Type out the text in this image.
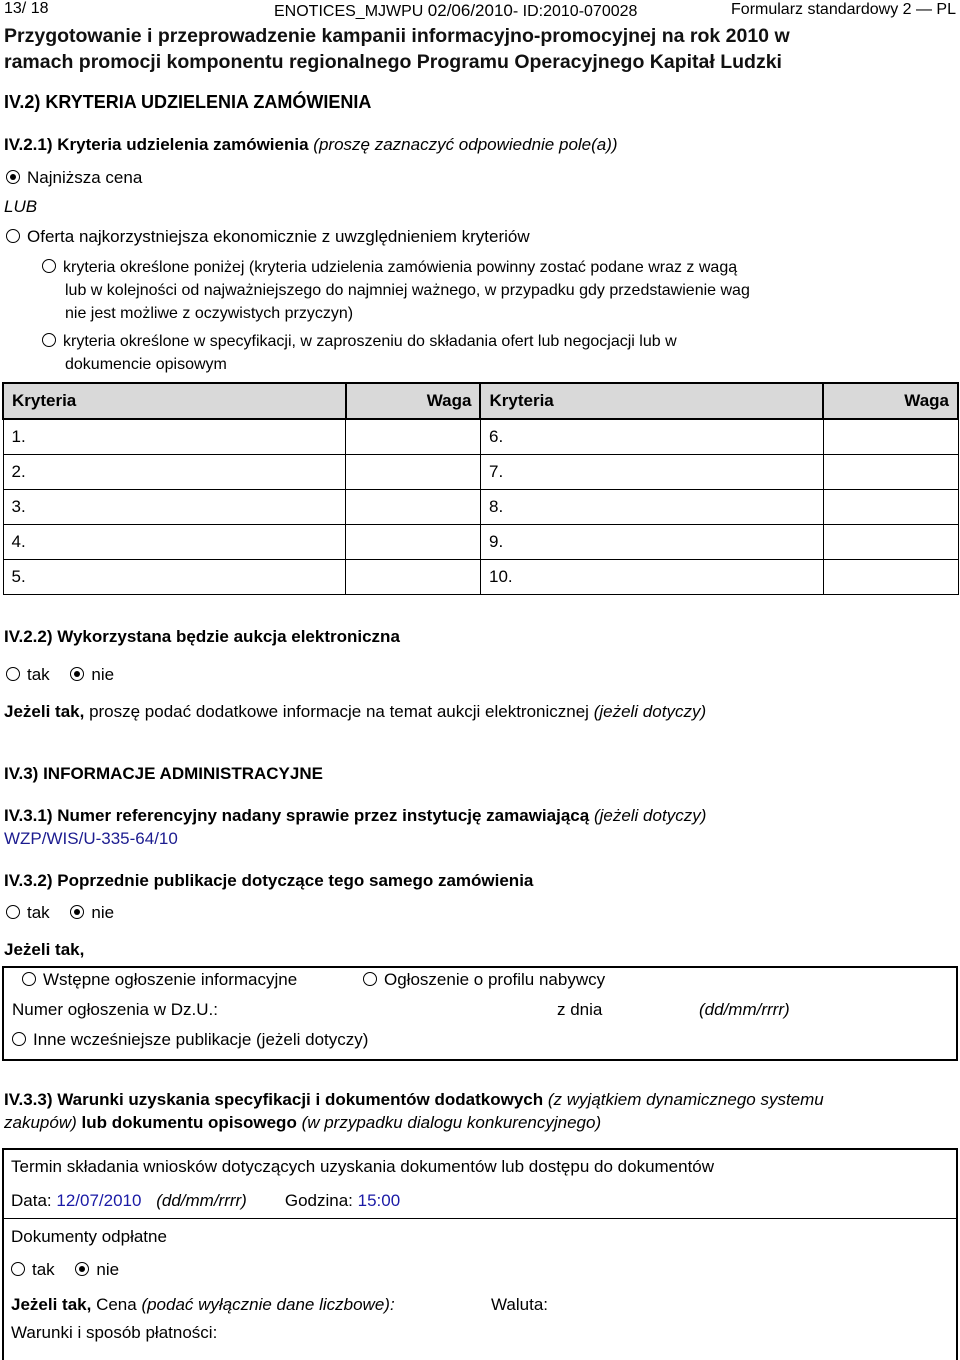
13/ 18	ENOTICES_MJWPU 02/06/2010- ID:2010-070028	Formularz standardowy 2 — PL
Przygotowanie i przeprowadzenie kampanii informacyjno-promocyjnej na rok 2010 w
ramach promocji komponentu regionalnego Programu Operacyjnego Kapitał Ludzki
IV.2) KRYTERIA UDZIELENIA ZAMÓWIENIA
IV.2.1) Kryteria udzielenia zamówienia (proszę zaznaczyć odpowiednie pole(a))
Najniższa cena
LUB
Oferta najkorzystniejsza ekonomicznie z uwzględnieniem kryteriów
kryteria określone poniżej (kryteria udzielenia zamówienia powinny zostać podane wraz z wagą
lub w kolejności od najważniejszego do najmniej ważnego, w przypadku gdy przedstawienie wag
nie jest możliwe z oczywistych przyczyn)
kryteria określone w specyfikacji, w zaproszeniu do składania ofert lub negocjacji lub w
dokumencie opisowym
Kryteria	Waga	Kryteria	Waga
1.		6.	
2.		7.	
3.		8.	
4.		9.	
5.		10.	
IV.2.2) Wykorzystana będzie aukcja elektroniczna
tak nie
Jeżeli tak, proszę podać dodatkowe informacje na temat aukcji elektronicznej (jeżeli dotyczy)
IV.3) INFORMACJE ADMINISTRACYJNE
IV.3.1) Numer referencyjny nadany sprawie przez instytucję zamawiającą (jeżeli dotyczy)
WZP/WIS/U-335-64/10
IV.3.2) Poprzednie publikacje dotyczące tego samego zamówienia
tak nie
Jeżeli tak,
Wstępne ogłoszenie informacyjne	Ogłoszenie o profilu nabywcy
Numer ogłoszenia w Dz.U.:	z dnia	(dd/mm/rrrr)
Inne wcześniejsze publikacje (jeżeli dotyczy)
IV.3.3) Warunki uzyskania specyfikacji i dokumentów dodatkowych (z wyjątkiem dynamicznego systemu
zakupów) lub dokumentu opisowego (w przypadku dialogu konkurencyjnego)
Termin składania wniosków dotyczących uzyskania dokumentów lub dostępu do dokumentów
Data: 12/07/2010 (dd/mm/rrrr) Godzina: 15:00
Dokumenty odpłatne
tak nie
Jeżeli tak, Cena (podać wyłącznie dane liczbowe):	Waluta:
Warunki i sposób płatności:
